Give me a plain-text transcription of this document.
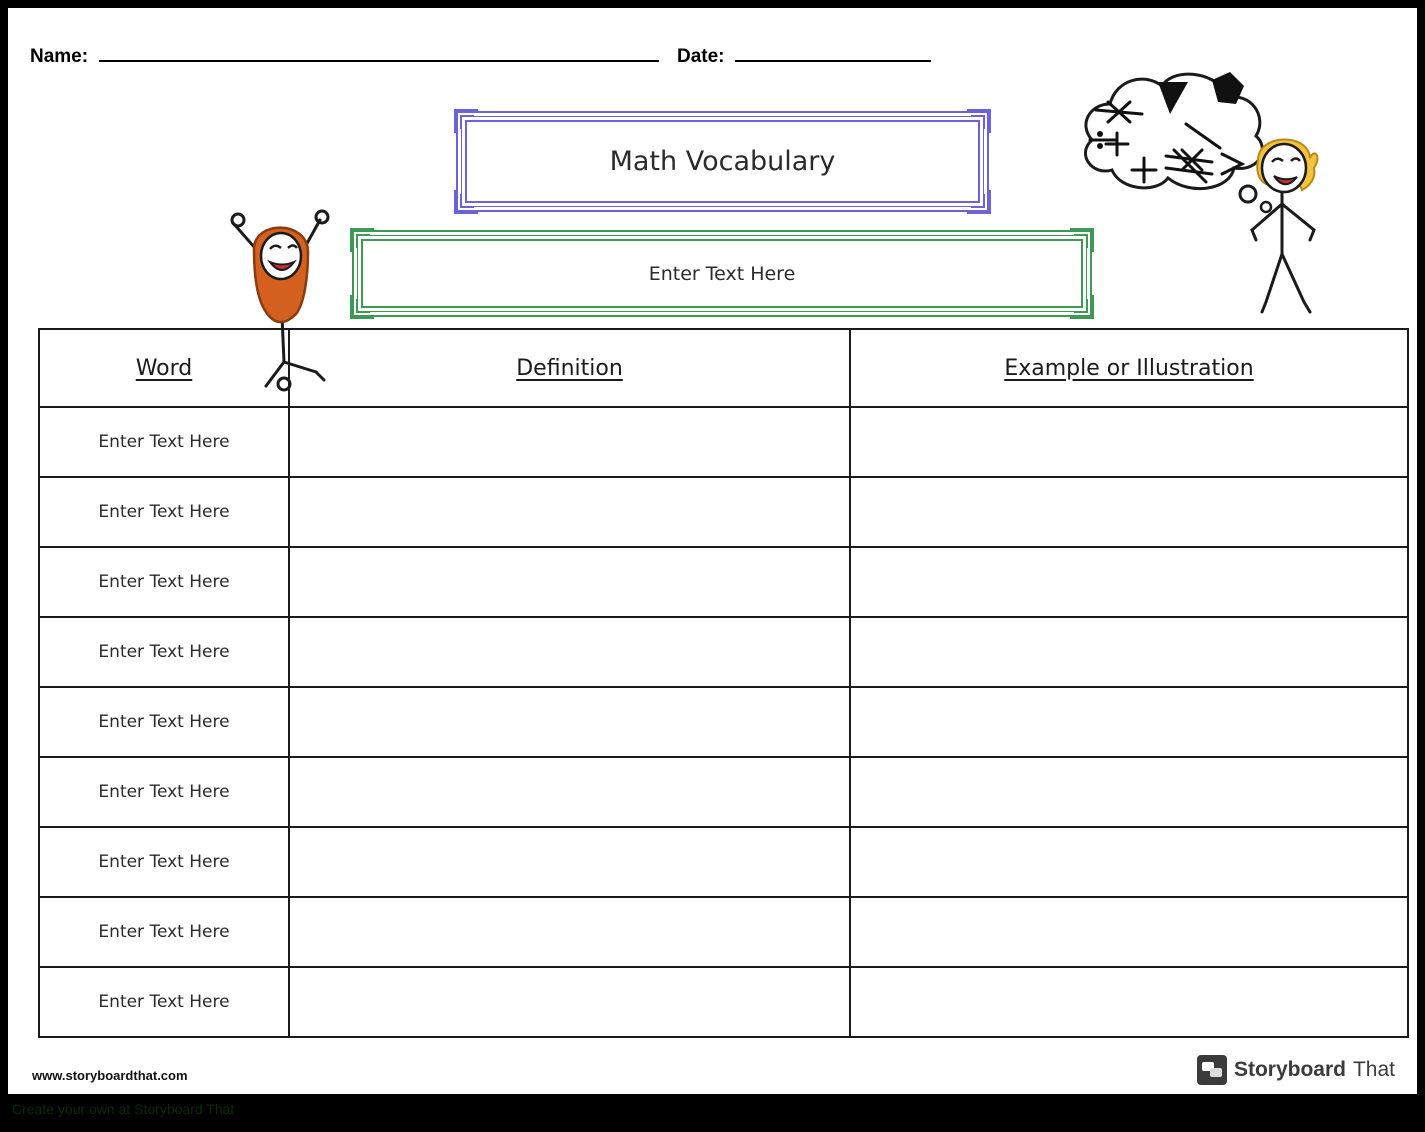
Name:	Date:
Math Vocabulary
Enter Text Here
Word	Definition	Example or Illustration
Enter Text Here		
Enter Text Here		
Enter Text Here		
Enter Text Here		
Enter Text Here		
Enter Text Here		
Enter Text Here		
Enter Text Here		
Enter Text Here		
www.storyboardthat.com	Storyboard That
Create your own at Storyboard That
